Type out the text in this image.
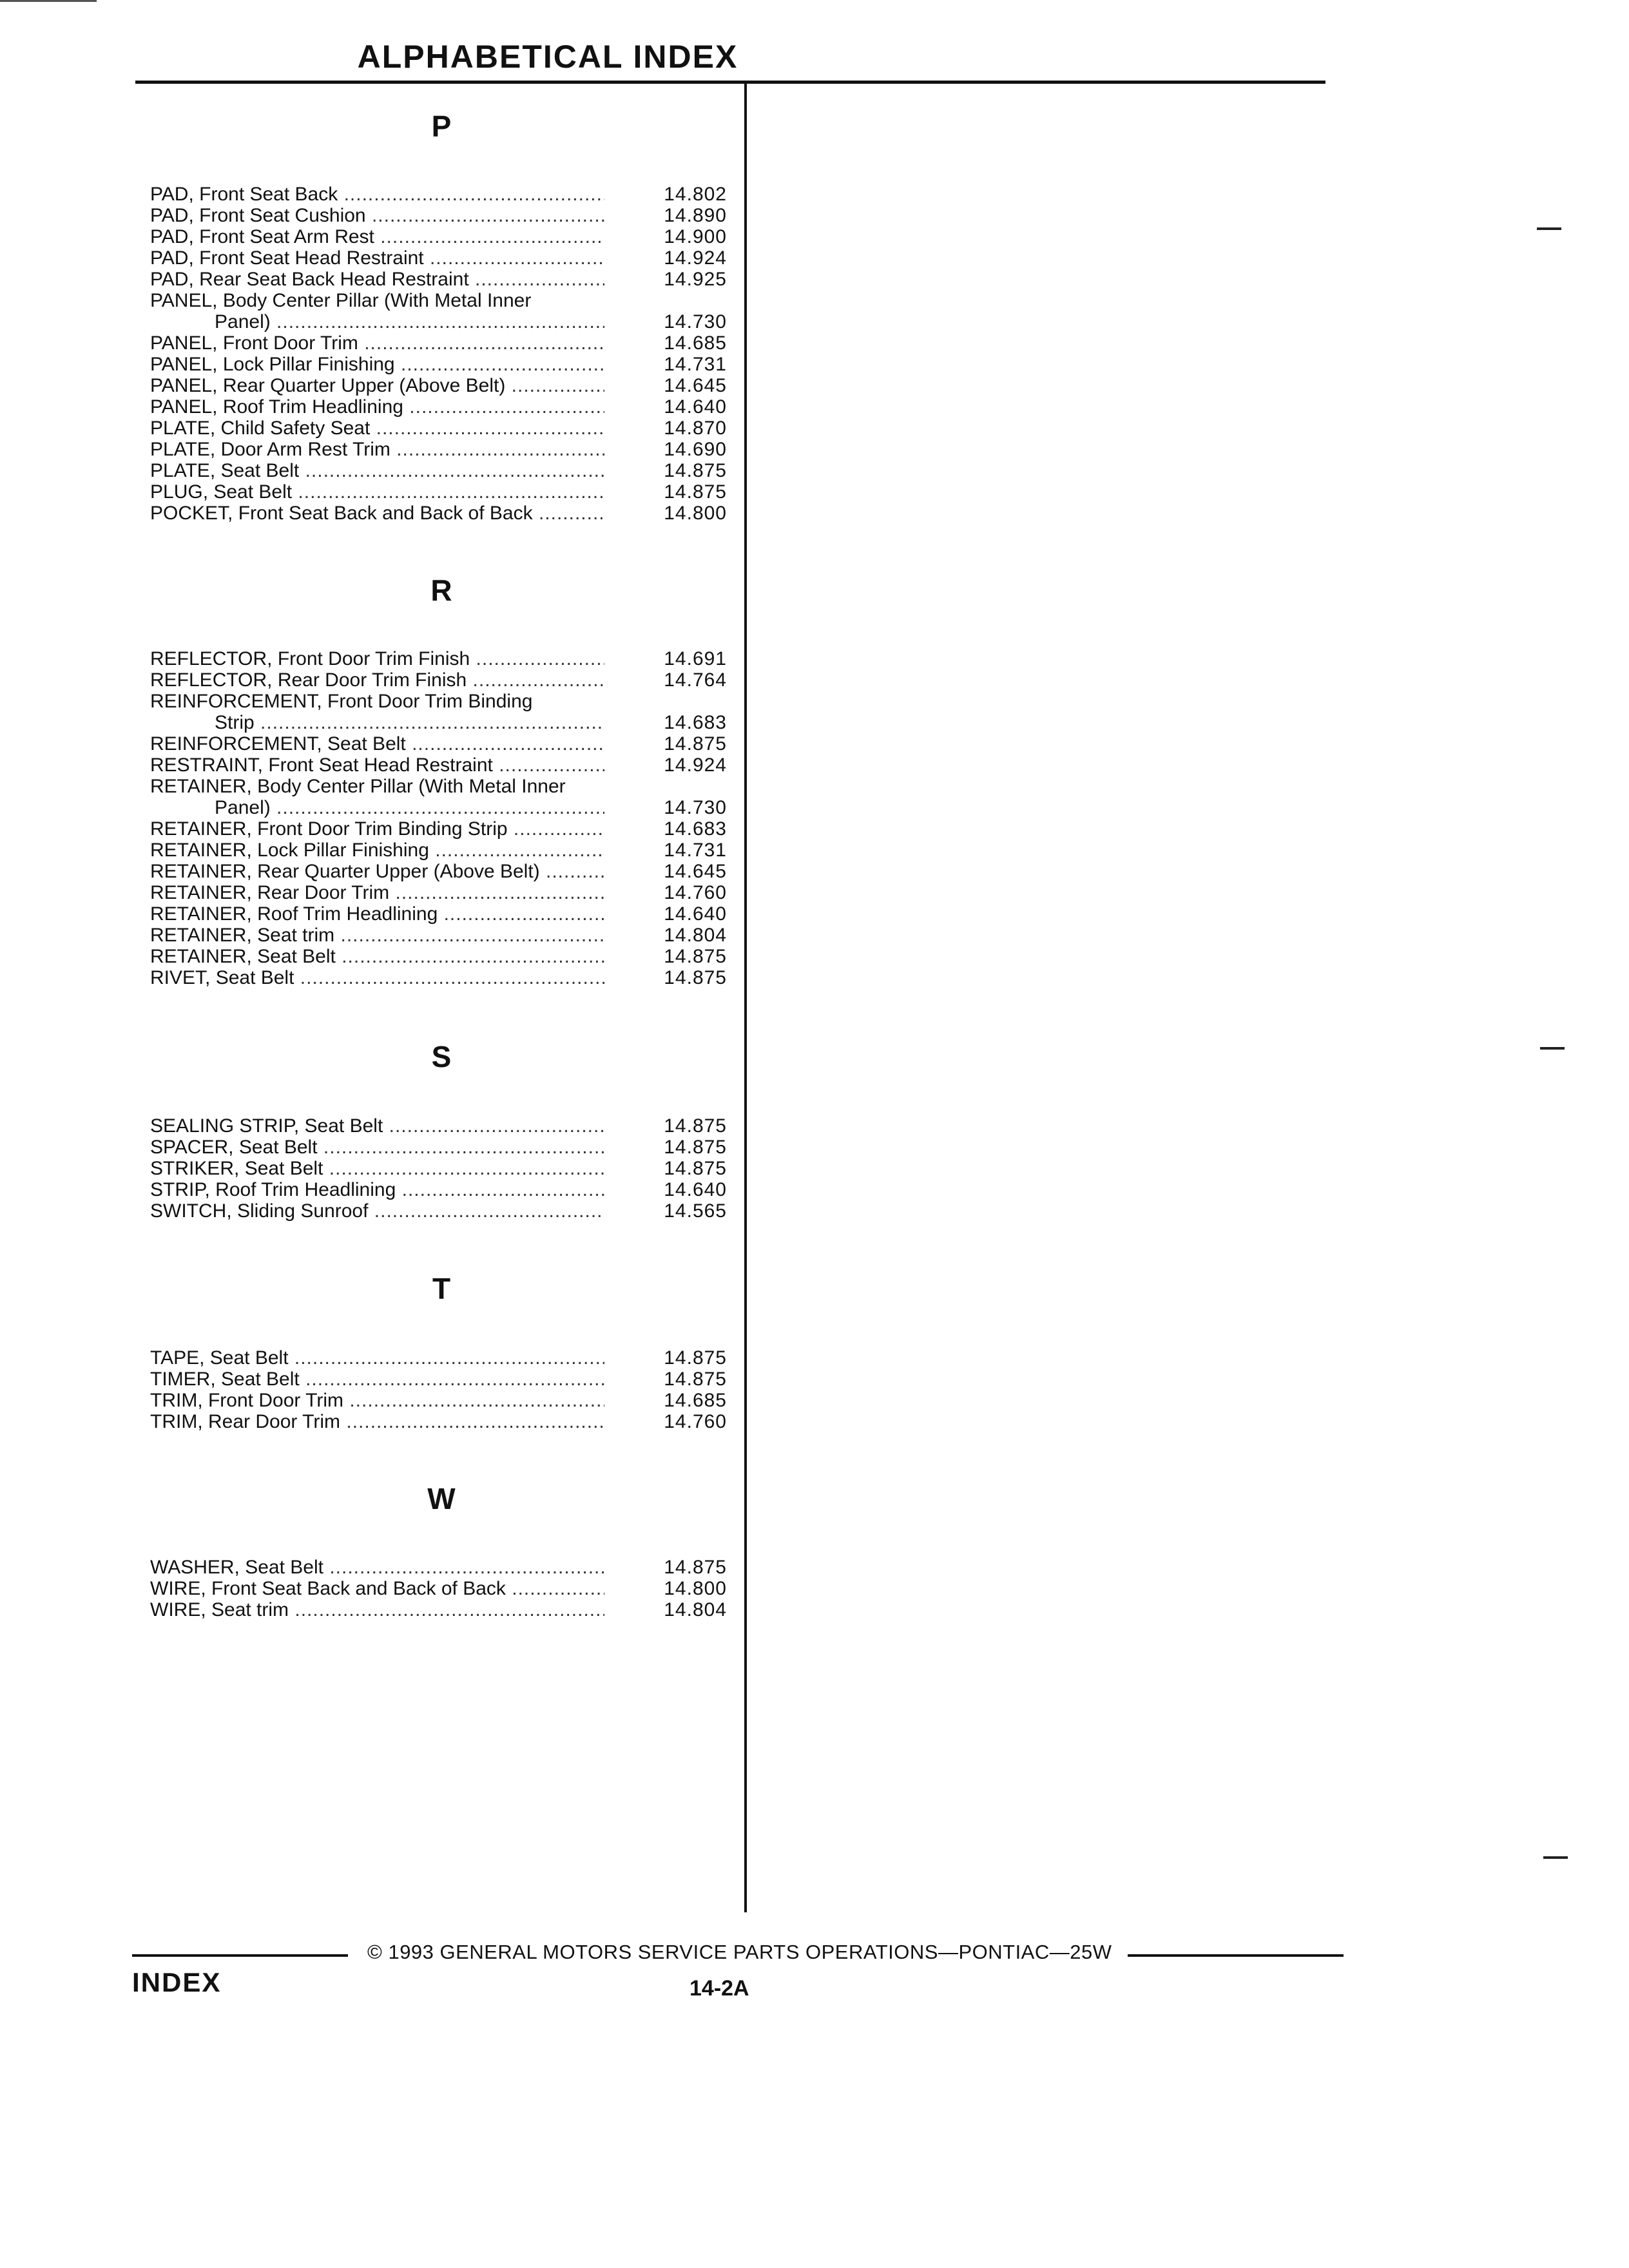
ALPHABETICAL INDEX
P
PAD, Front Seat Back .....	14.802
PAD, Front Seat Cushion .....	14.890
PAD, Front Seat Arm Rest .....	14.900
PAD, Front Seat Head Restraint .....	14.924
PAD, Rear Seat Back Head Restraint .....	14.925
PANEL, Body Center Pillar (With Metal Inner
Panel) .....	14.730
PANEL, Front Door Trim .....	14.685
PANEL, Lock Pillar Finishing .....	14.731
PANEL, Rear Quarter Upper (Above Belt) .....	14.645
PANEL, Roof Trim Headlining .....	14.640
PLATE, Child Safety Seat .....	14.870
PLATE, Door Arm Rest Trim .....	14.690
PLATE, Seat Belt .....	14.875
PLUG, Seat Belt .....	14.875
POCKET, Front Seat Back and Back of Back .....	14.800
R
REFLECTOR, Front Door Trim Finish .....	14.691
REFLECTOR, Rear Door Trim Finish .....	14.764
REINFORCEMENT, Front Door Trim Binding
Strip .....	14.683
REINFORCEMENT, Seat Belt .....	14.875
RESTRAINT, Front Seat Head Restraint .....	14.924
RETAINER, Body Center Pillar (With Metal Inner
Panel) .....	14.730
RETAINER, Front Door Trim Binding Strip .....	14.683
RETAINER, Lock Pillar Finishing .....	14.731
RETAINER, Rear Quarter Upper (Above Belt) .....	14.645
RETAINER, Rear Door Trim .....	14.760
RETAINER, Roof Trim Headlining .....	14.640
RETAINER, Seat trim .....	14.804
RETAINER, Seat Belt .....	14.875
RIVET, Seat Belt .....	14.875
S
SEALING STRIP, Seat Belt .....	14.875
SPACER, Seat Belt .....	14.875
STRIKER, Seat Belt .....	14.875
STRIP, Roof Trim Headlining .....	14.640
SWITCH, Sliding Sunroof .....	14.565
T
TAPE, Seat Belt .....	14.875
TIMER, Seat Belt .....	14.875
TRIM, Front Door Trim .....	14.685
TRIM, Rear Door Trim .....	14.760
W
WASHER, Seat Belt .....	14.875
WIRE, Front Seat Back and Back of Back .....	14.800
WIRE, Seat trim .....	14.804
© 1993 GENERAL MOTORS SERVICE PARTS OPERATIONS—PONTIAC—25W
INDEX	14-2A
